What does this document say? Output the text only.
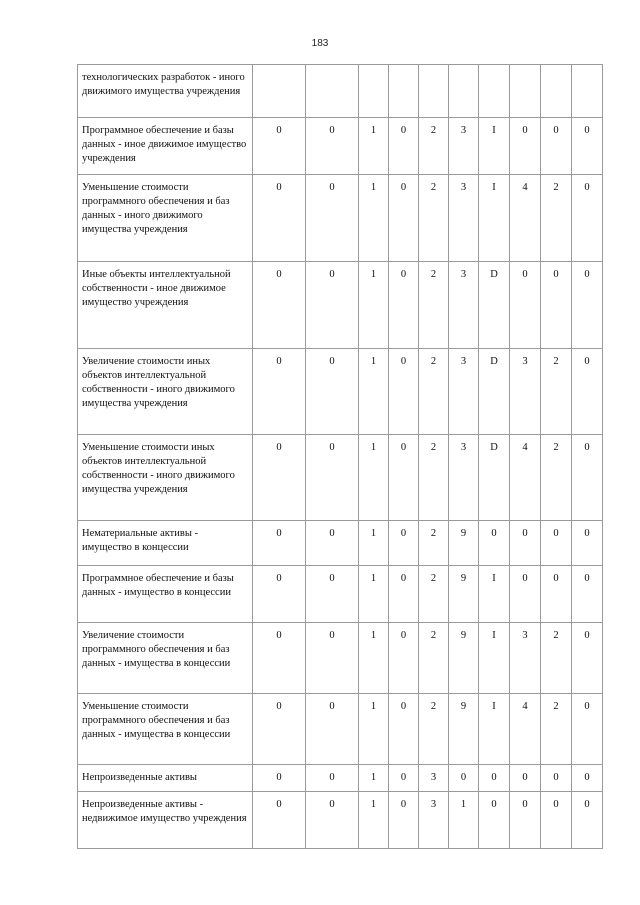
183
технологических разработок - иного движимого имущества учреждения										
Программное обеспечение и базы данных - иное движимое имущество учреждения	0	0	1	0	2	3	I	0	0	0
Уменьшение стоимости программного обеспечения и баз данных - иного движимого имущества учреждения	0	0	1	0	2	3	I	4	2	0
Иные объекты интеллектуальной собственности - иное движимое имущество учреждения	0	0	1	0	2	3	D	0	0	0
Увеличение стоимости иных объектов интеллектуальной собственности - иного движимого имущества учреждения	0	0	1	0	2	3	D	3	2	0
Уменьшение стоимости иных объектов интеллектуальной собственности - иного движимого имущества учреждения	0	0	1	0	2	3	D	4	2	0
Нематериальные активы - имущество в концессии	0	0	1	0	2	9	0	0	0	0
Программное обеспечение и базы данных - имущество в концессии	0	0	1	0	2	9	I	0	0	0
Увеличение стоимости программного обеспечения и баз данных - имущества в концессии	0	0	1	0	2	9	I	3	2	0
Уменьшение стоимости программного обеспечения и баз данных - имущества в концессии	0	0	1	0	2	9	I	4	2	0
Непроизведенные активы	0	0	1	0	3	0	0	0	0	0
Непроизведенные активы - недвижимое имущество учреждения	0	0	1	0	3	1	0	0	0	0
